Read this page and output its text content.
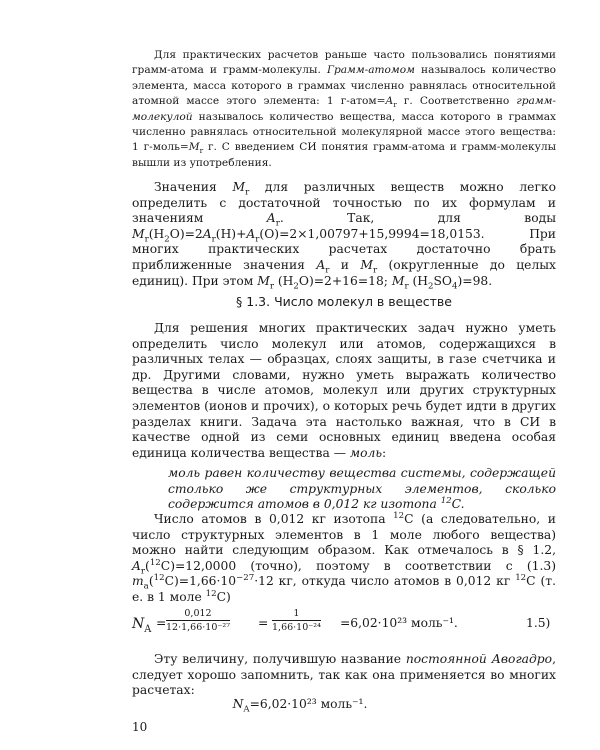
Для практических расчетов раньше часто пользовались понятиями грамм-атома и грамм-молекулы. Грамм-атомом называлось количество элемента, масса которого в граммах численно равнялась относительной атомной массе этого элемента: 1 $г-атом=A_r$ г. Соответственно грамм-молекулой называлось количество вещества, масса которого в граммах численно равнялась относительной молекулярной массе этого вещества: 1 $г-моль=M_r$ г. С введением СИ понятия грамм-атома и грамм-молекулы вышли из употребления.

Значения $M_r$ для различных веществ можно легко определить с достаточной точностью по их формулам и значениям $A_r$. Так, для воды $M_r(H_2O)=2A_r(H)+A_r(O)=2\times 1,00797+15,9994=18,0153$. При многих практических расчетах достаточно брать приближенные значения $A_r$ и $M_r$ (округленные до целых единиц). При этом $M_r$ $(H_2O)=2+16=18$; $M_r$ $(H_2SO_4)=98$.

§ 1.3. Число молекул в веществе

Для решения многих практических задач нужно уметь определить число молекул или атомов, содержащихся в различных телах — образцах, слоях защиты, в газе счетчика и др. Другими словами, нужно уметь выражать количество вещества в числе атомов, молекул или других структурных элементов (ионов и прочих), о которых речь будет идти в других разделах книги. Задача эта настолько важная, что в СИ в качестве одной из семи основных единиц введена особая единица количества вещества — моль:

моль равен количеству вещества системы, содержащей столько же структурных элементов, сколько содержится атомов в 0,012 кг изотопа $^{12}$C.

Число атомов в 0,012 кг изотопа $^{12}$C (а следовательно, и число структурных элементов в 1 моле любого вещества) можно найти следующим образом. Как отмечалось в § 1.2, $A_r(^{12}C)=12,0000$ (точно), поэтому в соответствии с (1.3) $m_a(^{12}C)=1,66\cdot 10^{-27}\cdot 12$ кг, откуда число атомов в 0,012 кг $^{12}$C (т. е. в 1 моле $^{12}$C)

$N_A = \frac{0,012}{\text{12·1,66·10⁻²⁷}} = \frac{1}{\text{1,66·10⁻²⁴}} =6,02\cdot 10^{23}$ моль⁻¹.	1.5)

Эту величину, получившую название постоянной Авогадро, следует хорошо запомнить, так как она применяется во многих расчетах:

$N_A=6,02\cdot 10^{23}$ моль⁻¹.
10
